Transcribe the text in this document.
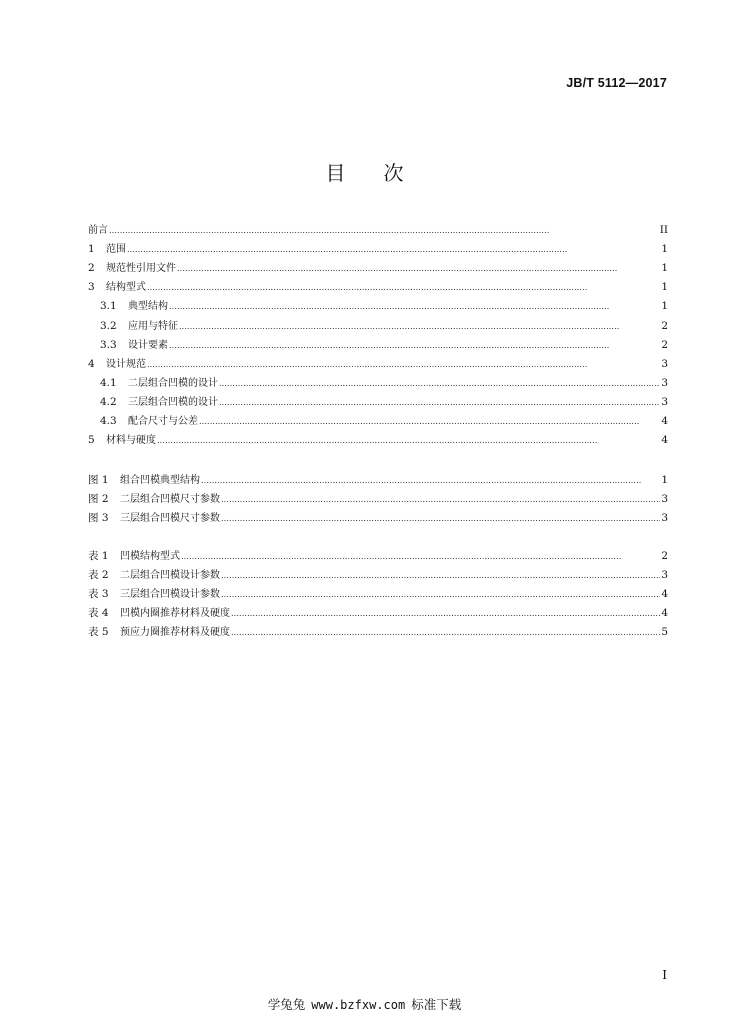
JB/T 5112—2017
目次
前言 . . .	II
1	范围 . . .	1
2	规范性引用文件 . . .	1
3	结构型式 . . .	1
3.1	典型结构 . . .	1
3.2	应用与特征 . . .	2
3.3	设计要素 . . .	2
4	设计规范 . . .	3
4.1	二层组合凹模的设计 . . .	3
4.2	三层组合凹模的设计 . . .	3
4.3	配合尺寸与公差 . . .	4
5	材料与硬度 . . .	4
图 1	组合凹模典型结构 . . .	1
图 2	二层组合凹模尺寸参数 . . .	3
图 3	三层组合凹模尺寸参数 . . .	3
表 1	凹模结构型式 . . .	2
表 2	二层组合凹模设计参数 . . .	3
表 3	三层组合凹模设计参数 . . .	4
表 4	凹模内圈推荐材料及硬度 . . .	4
表 5	预应力圈推荐材料及硬度 . . .	5
I
学兔兔 www.bzfxw.com 标准下载
